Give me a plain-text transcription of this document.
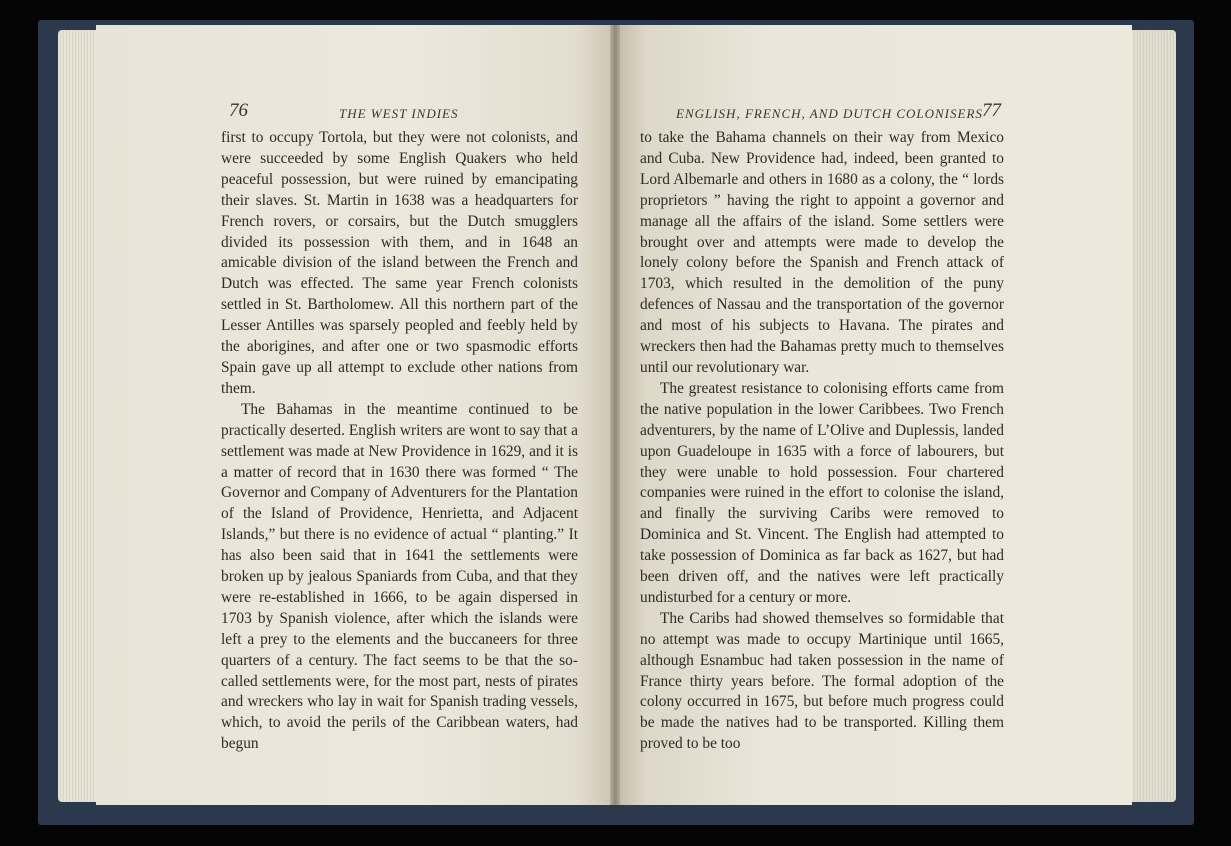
76	THE WEST INDIES	ENGLISH, FRENCH, AND DUTCH COLONISERS 77

first to occupy Tortola, but they were not colonists, and were succeeded by some English Quakers who held peaceful possession, but were ruined by emancipating their slaves. St. Martin in 1638 was a headquarters for French rovers, or corsairs, but the Dutch smugglers divided its possession with them, and in 1648 an amicable division of the island between the French and Dutch was effected. The same year French colonists settled in St. Bartholomew. All this northern part of the Lesser Antilles was sparsely peopled and feebly held by the aborigines, and after one or two spasmodic efforts Spain gave up all attempt to exclude other nations from them.

The Bahamas in the meantime continued to be practically deserted. English writers are wont to say that a settlement was made at New Providence in 1629, and it is a matter of record that in 1630 there was formed “ The Governor and Company of Adventurers for the Plantation of the Island of Providence, Henrietta, and Adjacent Islands,” but there is no evidence of actual “ planting.” It has also been said that in 1641 the settlements were broken up by jealous Spaniards from Cuba, and that they were re-established in 1666, to be again dispersed in 1703 by Spanish violence, after which the islands were left a prey to the elements and the buccaneers for three quarters of a century. The fact seems to be that the so-called settlements were, for the most part, nests of pirates and wreckers who lay in wait for Spanish trading vessels, which, to avoid the perils of the Caribbean waters, had begun

to take the Bahama channels on their way from Mexico and Cuba. New Providence had, indeed, been granted to Lord Albemarle and others in 1680 as a colony, the “ lords proprietors ” having the right to appoint a governor and manage all the affairs of the island. Some settlers were brought over and attempts were made to develop the lonely colony before the Spanish and French attack of 1703, which resulted in the demolition of the puny defences of Nassau and the transportation of the governor and most of his subjects to Havana. The pirates and wreckers then had the Bahamas pretty much to themselves until our revolutionary war.

The greatest resistance to colonising efforts came from the native population in the lower Caribbees. Two French adventurers, by the name of L’Olive and Duplessis, landed upon Guadeloupe in 1635 with a force of labourers, but they were unable to hold possession. Four chartered companies were ruined in the effort to colonise the island, and finally the surviving Caribs were removed to Dominica and St. Vincent. The English had attempted to take possession of Dominica as far back as 1627, but had been driven off, and the natives were left practically undisturbed for a century or more.

The Caribs had showed themselves so formidable that no attempt was made to occupy Martinique until 1665, although Esnambuc had taken possession in the name of France thirty years before. The formal adoption of the colony occurred in 1675, but before much progress could be made the natives had to be transported. Killing them proved to be too
